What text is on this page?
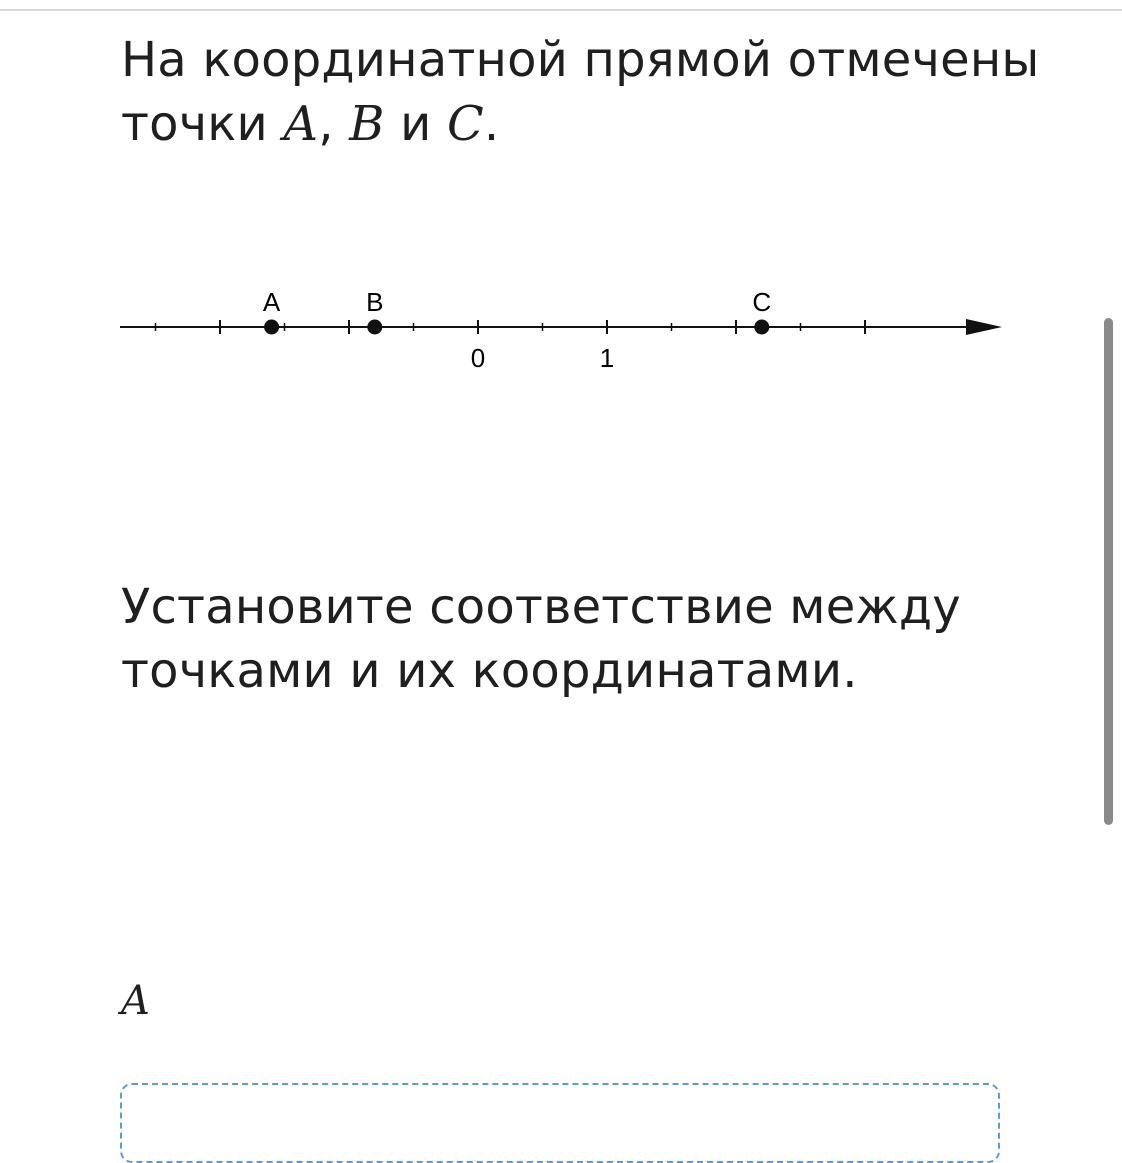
На координатной прямой отмечены точки A, B и C.

A	B	C
0	1

Установите соответствие между точками и их координатами.

A
